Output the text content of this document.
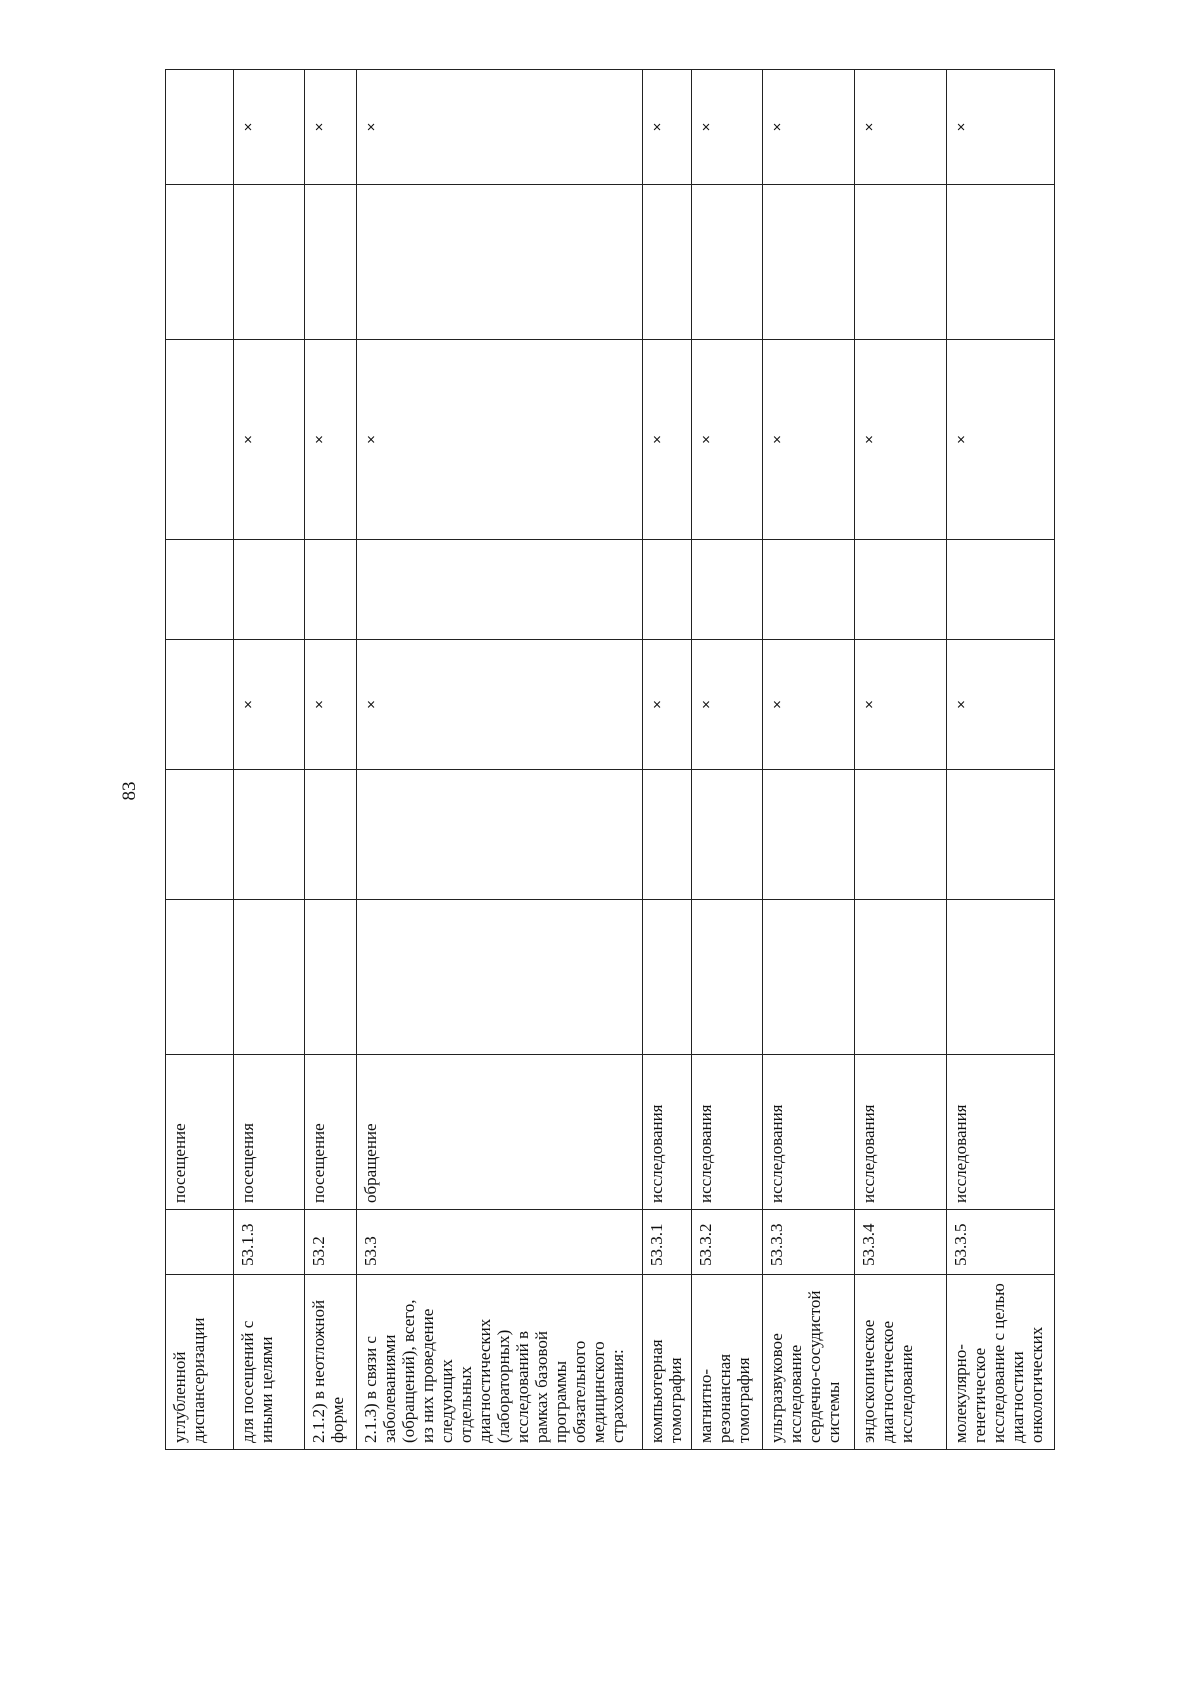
83
углубленной диспансеризации		посещение							
для посещений с иными целями	53.1.3	посещения			×		×		×
2.1.2) в неотложной форме	53.2	посещение			×		×		×
2.1.3) в связи с заболеваниями (обращений), всего, из них проведение следующих отдельных диагностических (лабораторных) исследований в рамках базовой программы обязательного медицинского страхования:	53.3	обращение			×		×		×
компьютерная томография	53.3.1	исследования			×		×		×
магнитно-резонансная томография	53.3.2	исследования			×		×		×
ультразвуковое исследование сердечно-сосудистой системы	53.3.3	исследования			×		×		×
эндоскопическое диагностическое исследование	53.3.4	исследования			×		×		×
молекулярно-генетическое исследование с целью диагностики онкологических	53.3.5	исследования			×		×		×
